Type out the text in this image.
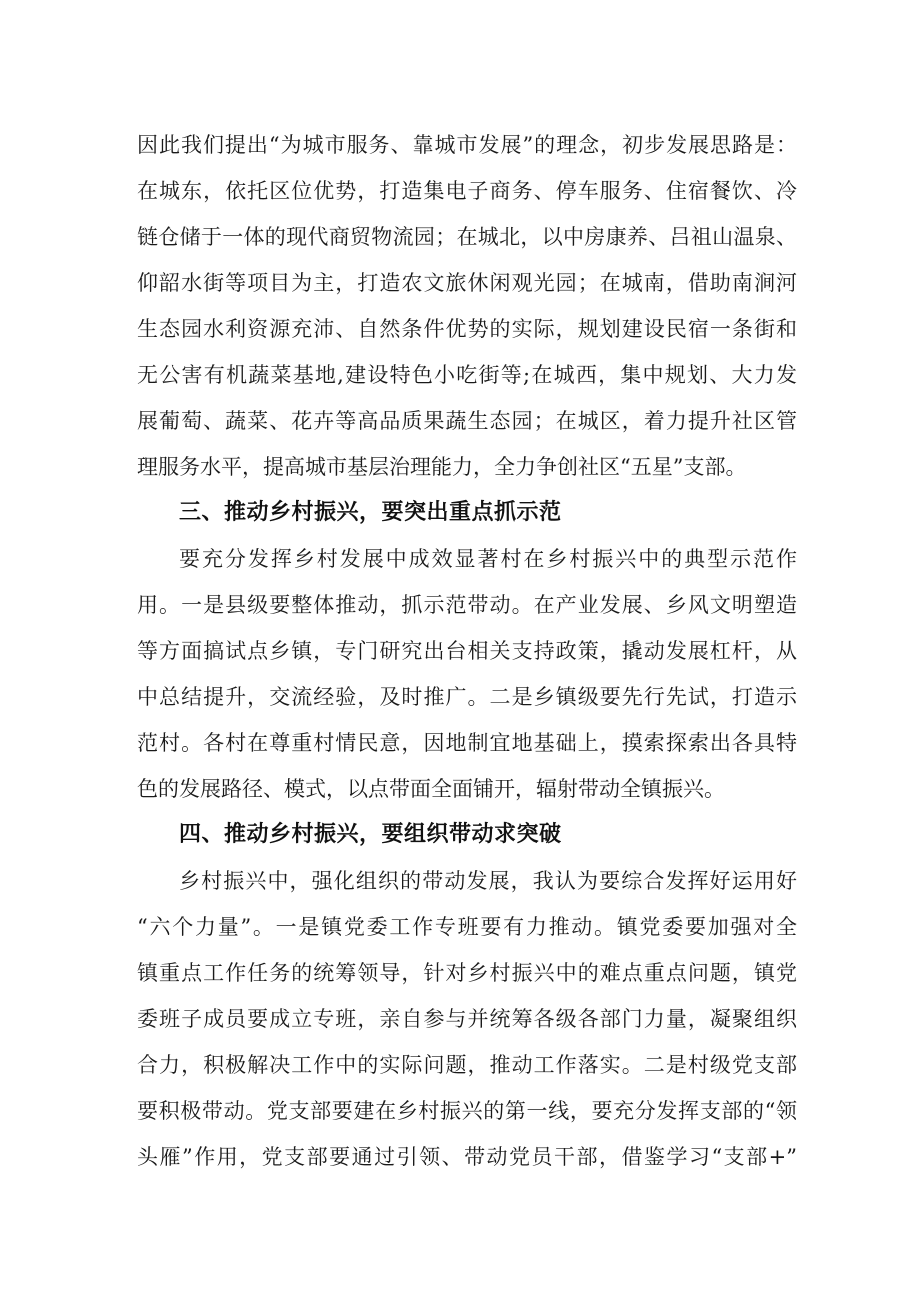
因此我们提出“为城市服务、靠城市发展”的理念，初步发展思路是：
在城东，依托区位优势，打造集电子商务、停车服务、住宿餐饮、冷
链仓储于一体的现代商贸物流园；在城北，以中房康养、吕祖山温泉、
仰韶水街等项目为主，打造农文旅休闲观光园；在城南，借助南涧河
生态园水利资源充沛、自然条件优势的实际，规划建设民宿一条街和
无公害有机蔬菜基地,建设特色小吃街等;在城西，集中规划、大力发
展葡萄、蔬菜、花卉等高品质果蔬生态园；在城区，着力提升社区管
理服务水平，提高城市基层治理能力，全力争创社区“五星”支部。
三、推动乡村振兴，要突出重点抓示范
要充分发挥乡村发展中成效显著村在乡村振兴中的典型示范作
用。一是县级要整体推动，抓示范带动。在产业发展、乡风文明塑造
等方面搞试点乡镇，专门研究出台相关支持政策，撬动发展杠杆，从
中总结提升，交流经验，及时推广。二是乡镇级要先行先试，打造示
范村。各村在尊重村情民意，因地制宜地基础上，摸索探索出各具特
色的发展路径、模式，以点带面全面铺开，辐射带动全镇振兴。
四、推动乡村振兴，要组织带动求突破
乡村振兴中，强化组织的带动发展，我认为要综合发挥好运用好
“六个力量”。一是镇党委工作专班要有力推动。镇党委要加强对全
镇重点工作任务的统筹领导，针对乡村振兴中的难点重点问题，镇党
委班子成员要成立专班，亲自参与并统筹各级各部门力量，凝聚组织
合力，积极解决工作中的实际问题，推动工作落实。二是村级党支部
要积极带动。党支部要建在乡村振兴的第一线，要充分发挥支部的“领
头雁”作用，党支部要通过引领、带动党员干部，借鉴学习“支部+”
